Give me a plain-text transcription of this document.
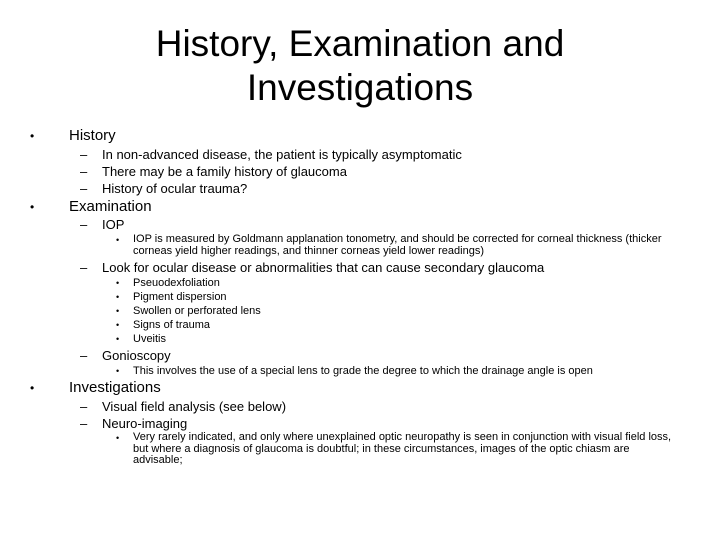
History, Examination and
Investigations
• History
– In non-advanced disease, the patient is typically asymptomatic
– There may be a family history of glaucoma
– History of ocular trauma?
• Examination
– IOP
• IOP is measured by Goldmann applanation tonometry, and should be corrected for corneal thickness (thicker corneas yield higher readings, and thinner corneas yield lower readings)
– Look for ocular disease or abnormalities that can cause secondary glaucoma
• Pseuodexfoliation
• Pigment dispersion
• Swollen or perforated lens
• Signs of trauma
• Uveitis
– Gonioscopy
• This involves the use of a special lens to grade the degree to which the drainage angle is open
• Investigations
– Visual field analysis (see below)
– Neuro-imaging
• Very rarely indicated, and only where unexplained optic neuropathy is seen in conjunction with visual field loss, but where a diagnosis of glaucoma is doubtful; in these circumstances, images of the optic chiasm are advisable;
